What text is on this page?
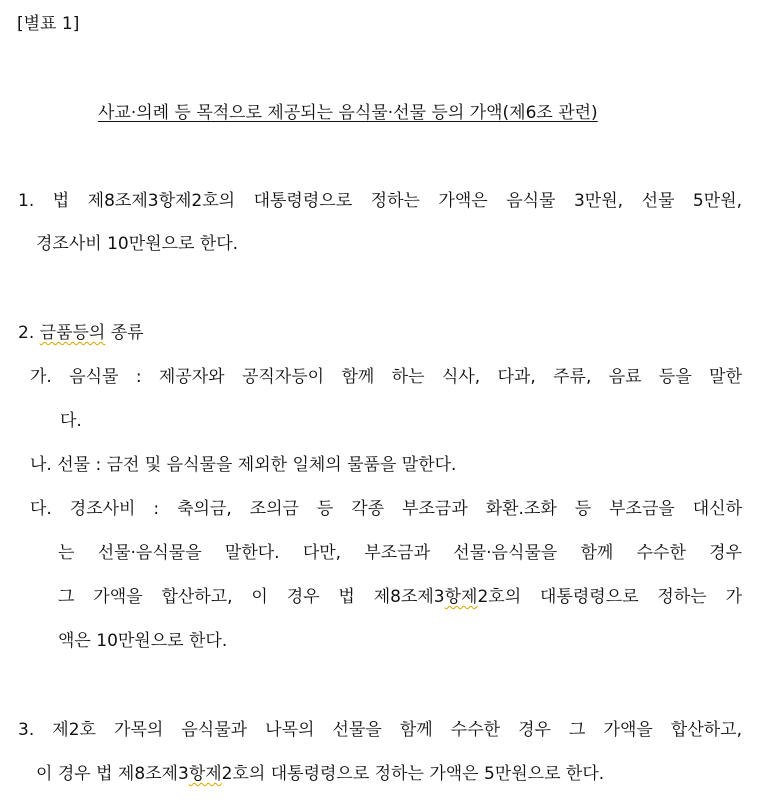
[별표 1]
사교·의례 등 목적으로 제공되는 음식물·선물 등의 가액(제6조 관련)
1. 법 제8조제3항제2호의 대통령령으로 정하는 가액은 음식물 3만원, 선물 5만원,
경조사비 10만원으로 한다.
2. 금품등의 종류
가. 음식물 : 제공자와 공직자등이 함께 하는 식사, 다과, 주류, 음료 등을 말한
다.
나. 선물 : 금전 및 음식물을 제외한 일체의 물품을 말한다.
다. 경조사비 : 축의금, 조의금 등 각종 부조금과 화환.조화 등 부조금을 대신하
는 선물·음식물을 말한다. 다만, 부조금과 선물·음식물을 함께 수수한 경우
그 가액을 합산하고, 이 경우 법 제8조제3항제2호의 대통령령으로 정하는 가
액은 10만원으로 한다.
3. 제2호 가목의 음식물과 나목의 선물을 함께 수수한 경우 그 가액을 합산하고,
이 경우 법 제8조제3항제2호의 대통령령으로 정하는 가액은 5만원으로 한다.
